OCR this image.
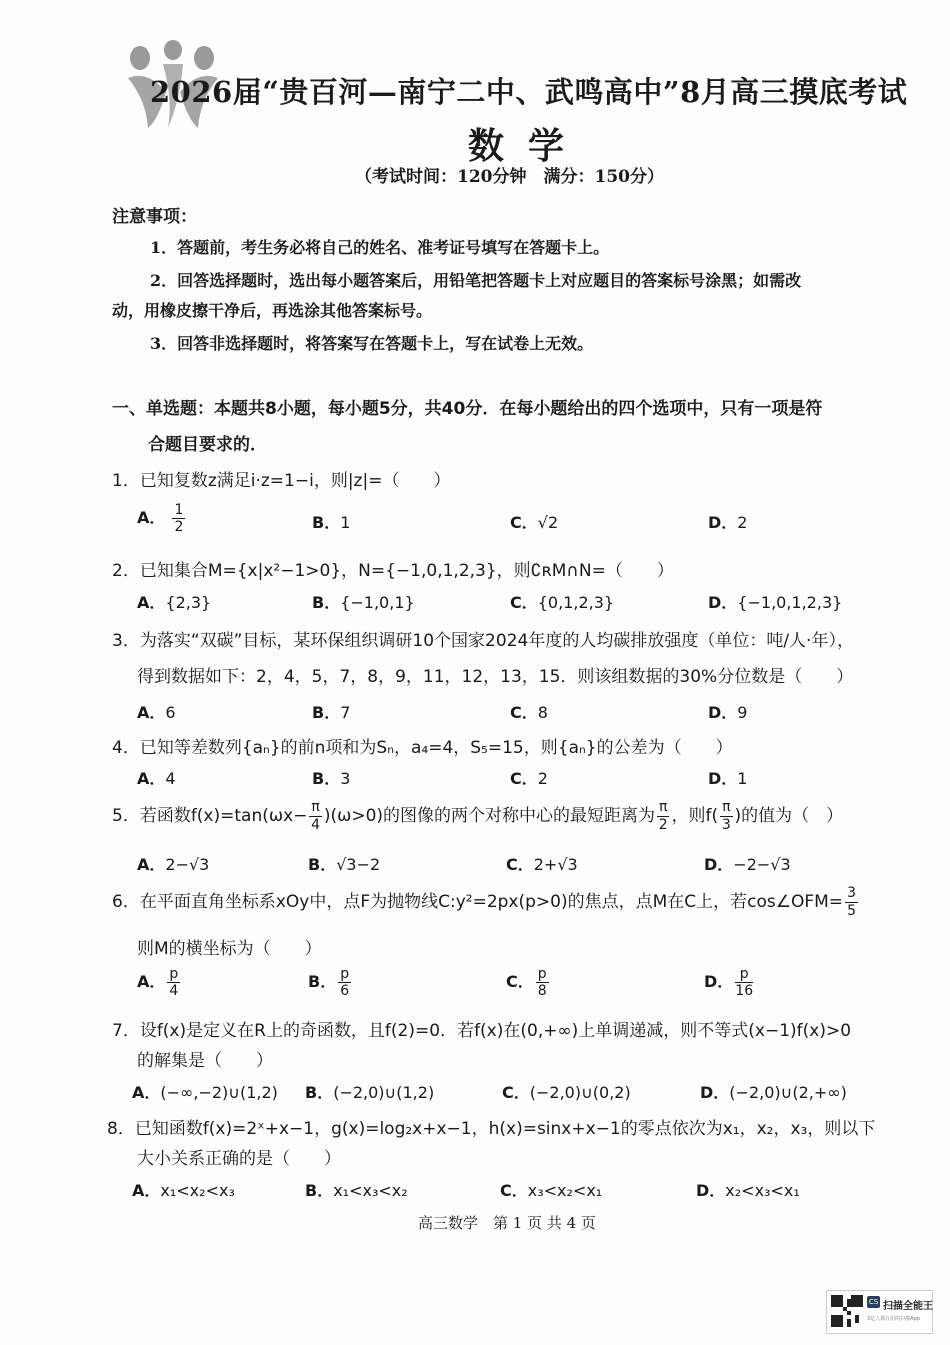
2026届“贵百河—南宁二中、武鸣高中”8月高三摸底考试
数学
（考试时间：120分钟　满分：150分）
注意事项：
1．答题前，考生务必将自己的姓名、准考证号填写在答题卡上。
2．回答选择题时，选出每小题答案后，用铅笔把答题卡上对应题目的答案标号涂黑；如需改
动，用橡皮擦干净后，再选涂其他答案标号。
3．回答非选择题时，将答案写在答题卡上，写在试卷上无效。
一、单选题：本题共8小题，每小题5分，共40分．在每小题给出的四个选项中，只有一项是符
合题目要求的．
1．已知复数z满足i·z=1−i，则|z|=（　　）
A． $\frac{1}{2}$	B．1	C．√2	D．2
2．已知集合M={x|x²−1>0}，N={−1,0,1,2,3}，则∁ʀM∩N=（　　）
A．{2,3}	B．{−1,0,1}	C．{0,1,2,3}	D．{−1,0,1,2,3}
3．为落实“双碳”目标，某环保组织调研10个国家2024年度的人均碳排放强度（单位：吨/人·年），
得到数据如下：2，4，5，7，8，9，11，12，13，15．则该组数据的30%分位数是（　　）
A．6	B．7	C．8	D．9
4．已知等差数列{aₙ}的前n项和为Sₙ，a₄=4，S₅=15，则{aₙ}的公差为（　　）
A．4	B．3	C．2	D．1
5．若函数$f(x)=\tan(\omega x- \frac{\pi}{4} )(\omega>0)$的图像的两个对称中心的最短距离为 $\frac{\pi}{2}$ ，则$f( \frac{\pi}{3}$ )的值为（　）
A．2−√3	B．√3−2	C．2+√3	D．−2−√3
6．在平面直角坐标系xOy中，点F为抛物线C:y²=2px(p>0)的焦点，点M在C上，若cos∠OFM= $\frac{3}{5}$
则M的横坐标为（　　）
A． $\frac{p}{4}$	B． $\frac{p}{6}$	C． $\frac{p}{8}$	D． $\frac{p}{16}$
7．设f(x)是定义在R上的奇函数，且f(2)=0．若f(x)在(0,+∞)上单调递减，则不等式(x−1)f(x)>0
的解集是（　　）
A．(−∞,−2)∪(1,2) B．(−2,0)∪(1,2)	C．(−2,0)∪(0,2)	D．(−2,0)∪(2,+∞)
8．已知函数f(x)=2ˣ+x−1，g(x)=log₂x+x−1，h(x)=sinx+x−1的零点依次为x₁，x₂，x₃，则以下
大小关系正确的是（　　）
A．x₁<x₂<x₃	B．x₁<x₃<x₂	C．x₃<x₂<x₁	D．x₂<x₃<x₁
高三数学　第 1 页 共 4 页
CS 扫描全能王
3亿人都在用的扫描App
